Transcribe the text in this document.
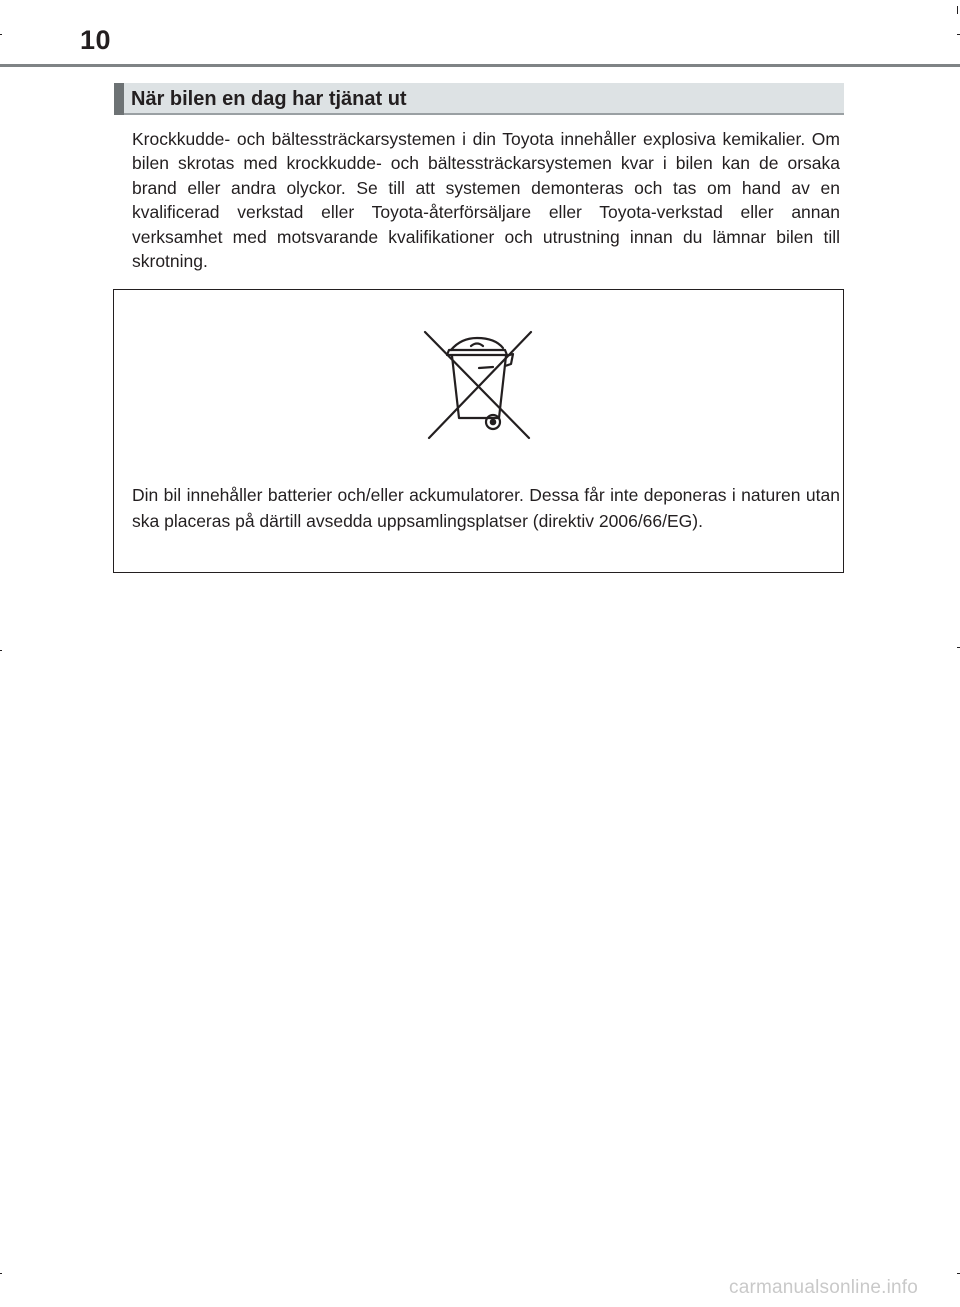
10
När bilen en dag har tjänat ut

Krockkudde- och bältessträckarsystemen i din Toyota innehåller explosiva kemikalier. Om bilen skrotas med krockkudde- och bältessträckarsystemen kvar i bilen kan de orsaka brand eller andra olyckor. Se till att systemen demonteras och tas om hand av en kvalificerad verkstad eller Toyota-återförsäljare eller Toyota-verkstad eller annan verksamhet med motsvarande kvalifikationer och utrustning innan du lämnar bilen till skrotning.

Din bil innehåller batterier och/eller ackumulatorer. Dessa får inte deponeras i naturen utan ska placeras på därtill avsedda uppsamlingsplatser (direktiv 2006/66/EG).

carmanualsonline.info
